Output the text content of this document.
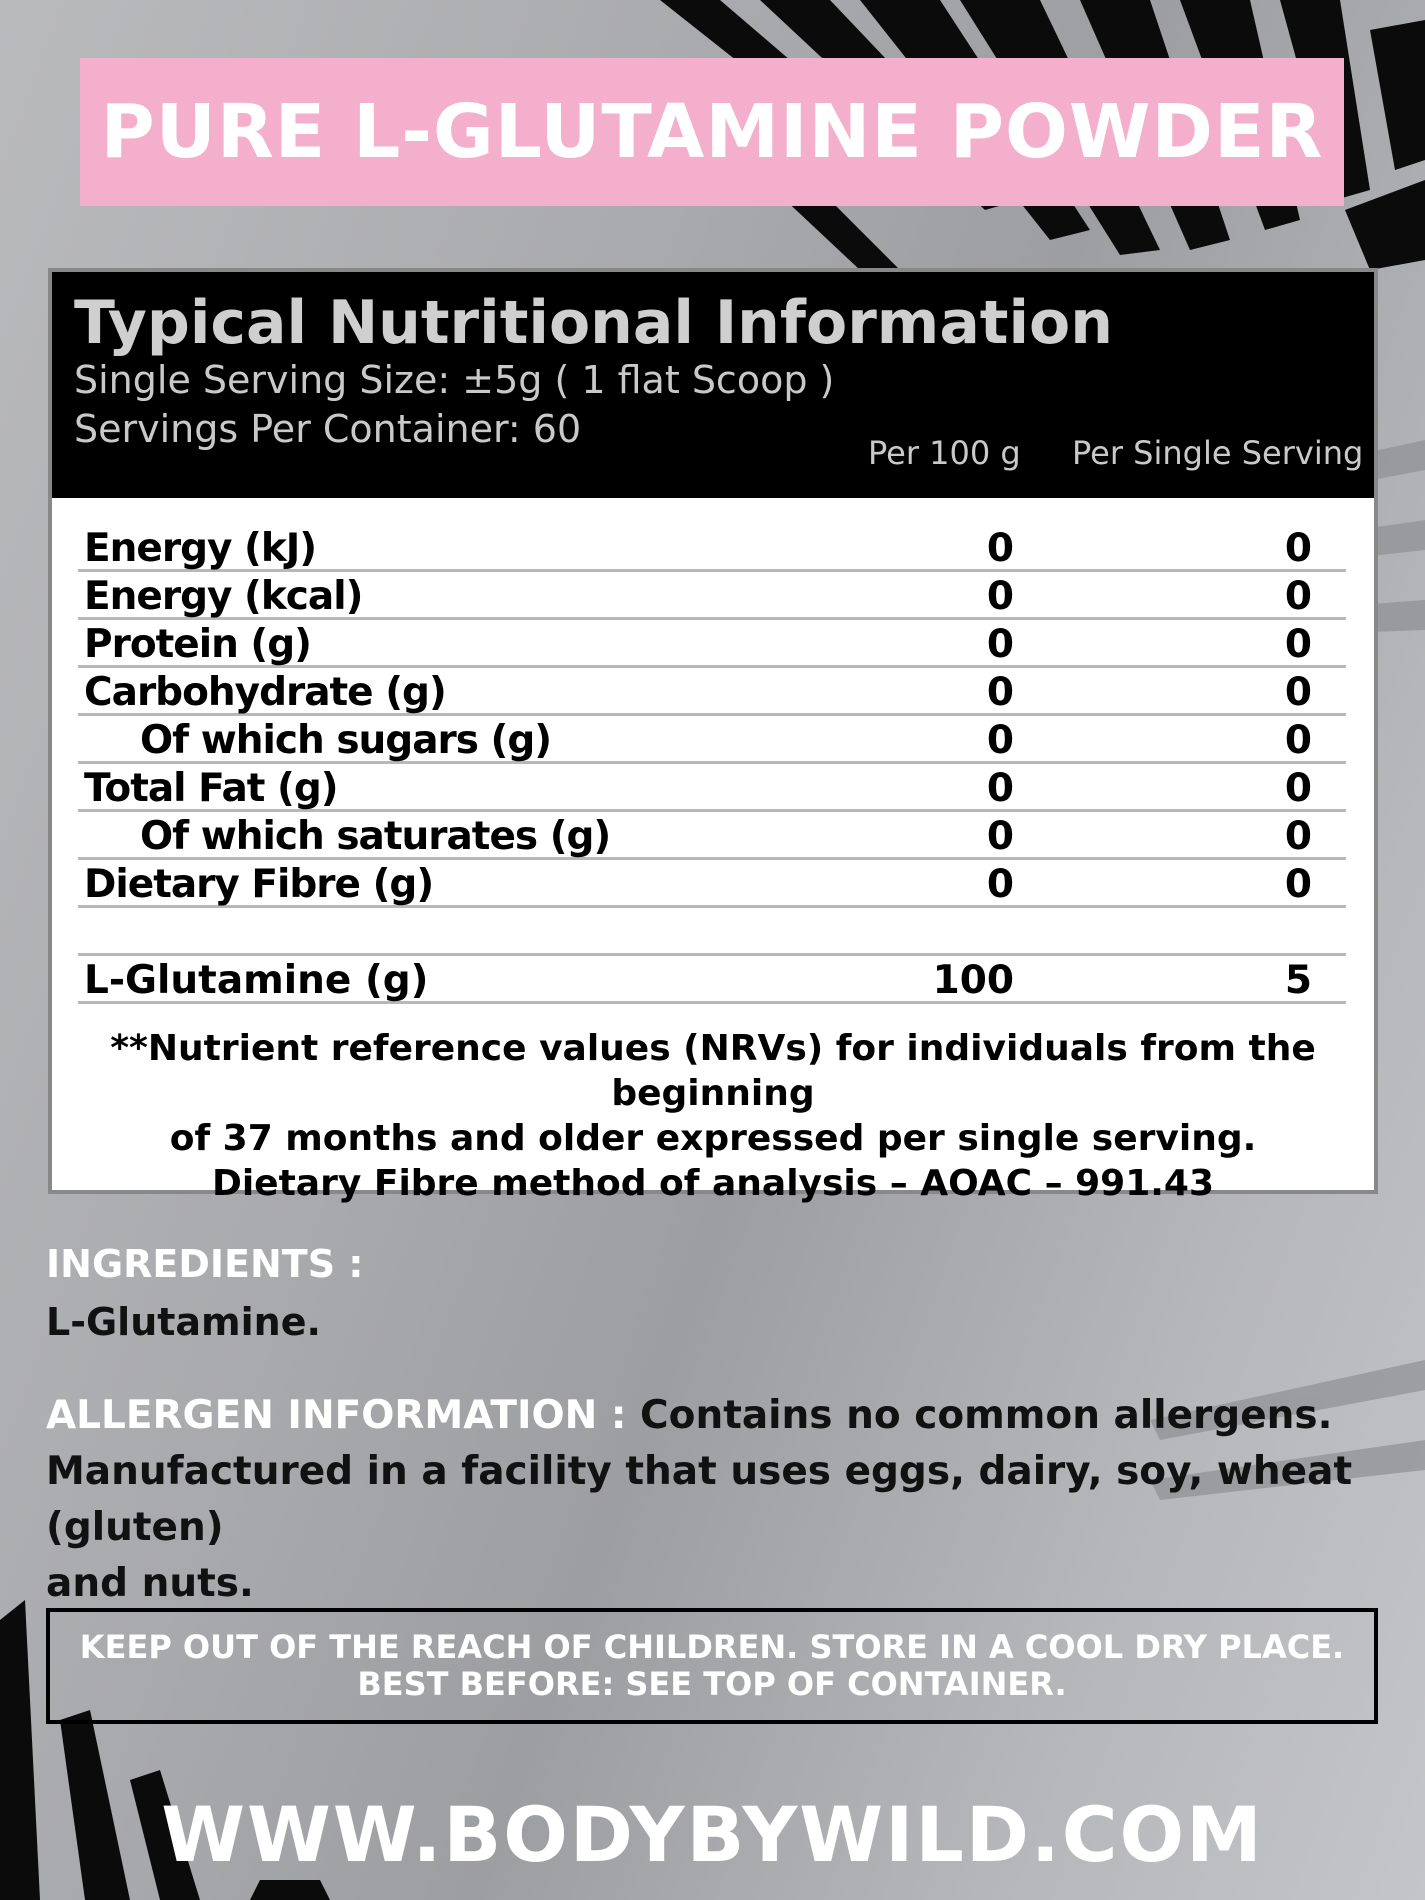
PURE L-GLUTAMINE POWDER
Typical Nutritional Information
Single Serving Size: ±5g ( 1 flat Scoop )
Servings Per Container: 60
Per 100 g Per Single Serving
Energy (kJ)	0	0
Energy (kcal)	0	0
Protein (g)	0	0
Carbohydrate (g)	0	0
Of which sugars (g)	0	0
Total Fat (g)	0	0
Of which saturates (g)	0	0
Dietary Fibre (g)	0	0
L-Glutamine (g)	100	5
**Nutrient reference values (NRVs) for individuals from the beginning
of 37 months and older expressed per single serving.
Dietary Fibre method of analysis – AOAC – 991.43
INGREDIENTS :
L-Glutamine.
ALLERGEN INFORMATION : Contains no common allergens.
Manufactured in a facility that uses eggs, dairy, soy, wheat (gluten)
and nuts.
KEEP OUT OF THE REACH OF CHILDREN. STORE IN A COOL DRY PLACE.
BEST BEFORE: SEE TOP OF CONTAINER.
WWW.BODYBYWILD.COM
